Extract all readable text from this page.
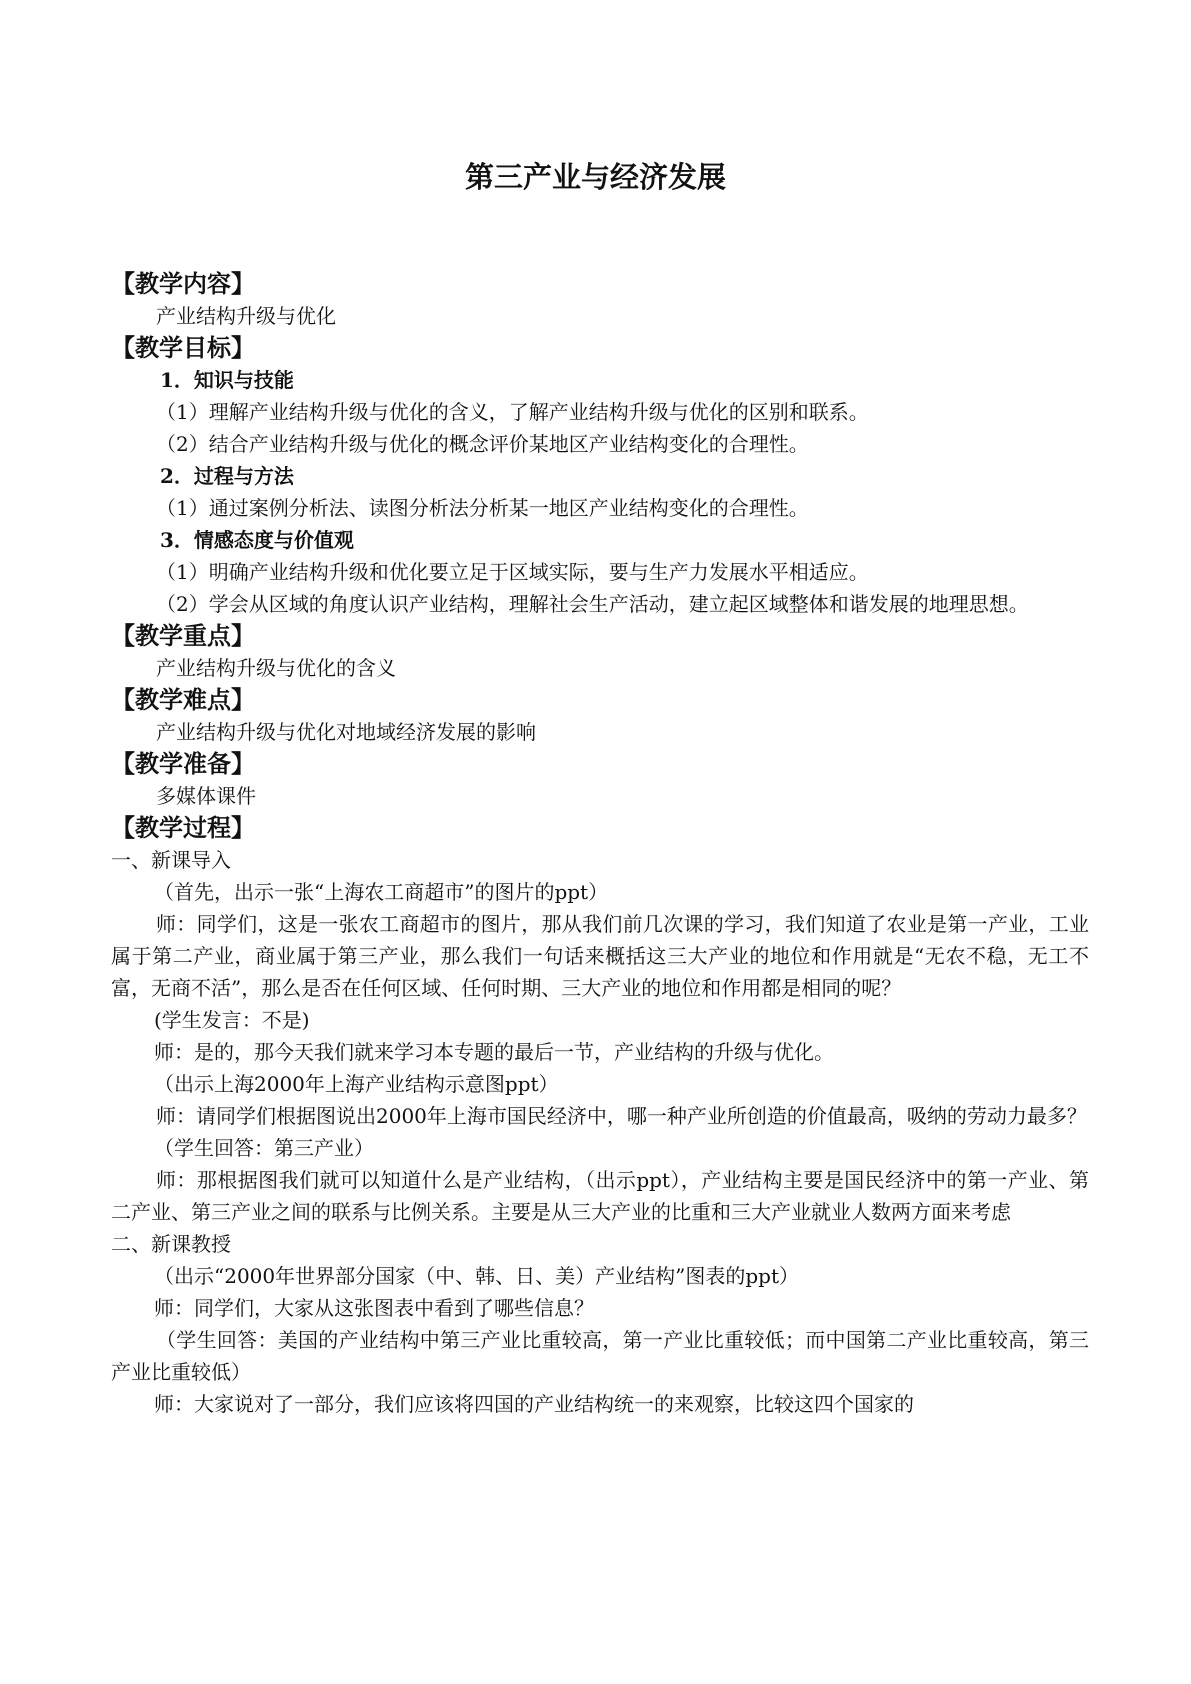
第三产业与经济发展

【教学内容】

产业结构升级与优化

【教学目标】

1．知识与技能

（1）理解产业结构升级与优化的含义，了解产业结构升级与优化的区别和联系。

（2）结合产业结构升级与优化的概念评价某地区产业结构变化的合理性。

2．过程与方法

（1）通过案例分析法、读图分析法分析某一地区产业结构变化的合理性。

3．情感态度与价值观

（1）明确产业结构升级和优化要立足于区域实际，要与生产力发展水平相适应。

（2）学会从区域的角度认识产业结构，理解社会生产活动，建立起区域整体和谐发展的地理思想。

【教学重点】

产业结构升级与优化的含义

【教学难点】

产业结构升级与优化对地域经济发展的影响

【教学准备】

多媒体课件

【教学过程】

一、新课导入

（首先，出示一张“上海农工商超市”的图片的ppt）

师：同学们，这是一张农工商超市的图片，那从我们前几次课的学习，我们知道了农业是第一产业，工业属于第二产业，商业属于第三产业，那么我们一句话来概括这三大产业的地位和作用就是“无农不稳，无工不富，无商不活”，那么是否在任何区域、任何时期、三大产业的地位和作用都是相同的呢？

(学生发言：不是)

师：是的，那今天我们就来学习本专题的最后一节，产业结构的升级与优化。

（出示上海2000年上海产业结构示意图ppt）

师：请同学们根据图说出2000年上海市国民经济中，哪一种产业所创造的价值最高，吸纳的劳动力最多？

（学生回答：第三产业）

师：那根据图我们就可以知道什么是产业结构，（出示ppt），产业结构主要是国民经济中的第一产业、第二产业、第三产业之间的联系与比例关系。主要是从三大产业的比重和三大产业就业人数两方面来考虑

二、新课教授

（出示“2000年世界部分国家（中、韩、日、美）产业结构”图表的ppt）

师：同学们，大家从这张图表中看到了哪些信息？

（学生回答：美国的产业结构中第三产业比重较高，第一产业比重较低；而中国第二产业比重较高，第三产业比重较低）

师：大家说对了一部分，我们应该将四国的产业结构统一的来观察，比较这四个国家的
